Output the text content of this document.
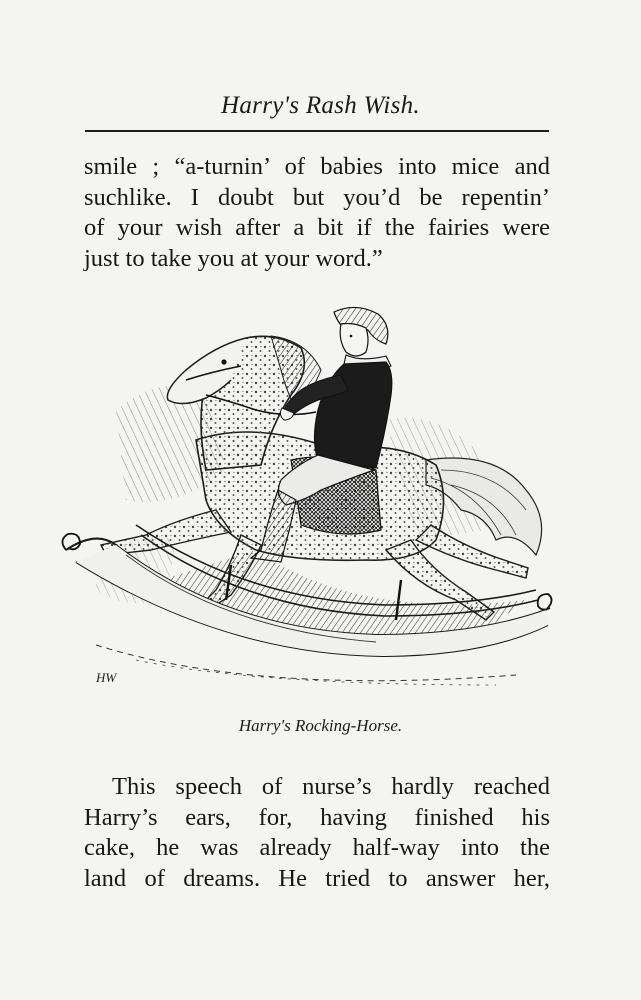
Harry's Rash Wish.
smile ; “a-turnin’ of babies into mice and
suchlike. I doubt but you’d be repentin’
of your wish after a bit if the fairies were
just to take you at your word.”
HW
Harry's Rocking-Horse.
This speech of nurse’s hardly reached
Harry’s ears, for, having finished his
cake, he was already half-way into the
land of dreams. He tried to answer her,
